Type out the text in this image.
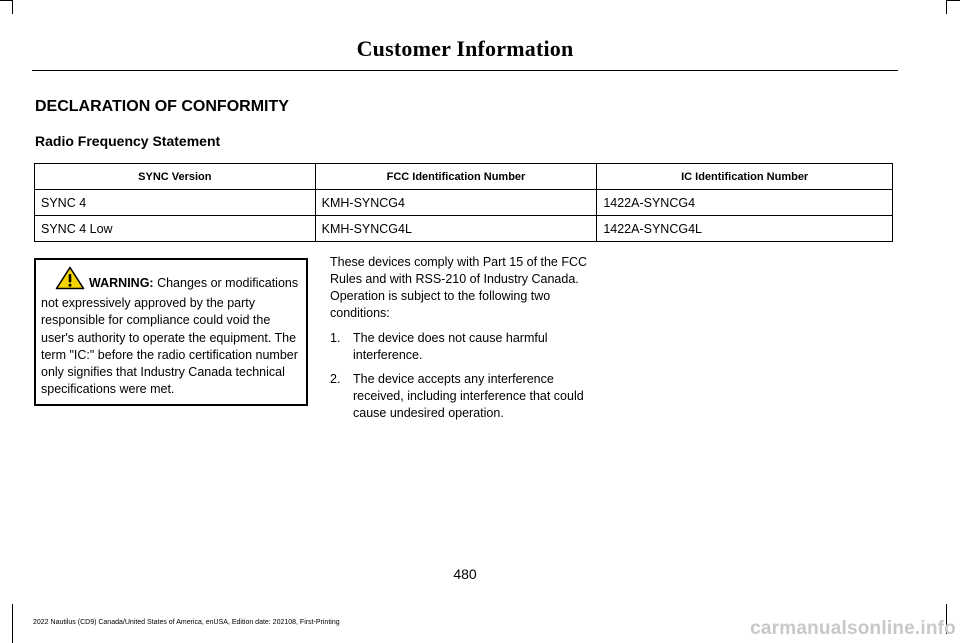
Customer Information
DECLARATION OF CONFORMITY
Radio Frequency Statement
SYNC Version	FCC Identification Number	IC Identification Number
SYNC 4	KMH-SYNCG4	1422A-SYNCG4
SYNC 4 Low	KMH-SYNCG4L	1422A-SYNCG4L
WARNING: Changes or modifications not expressively approved by the party responsible for compliance could void the user's authority to operate the equipment. The term "IC:" before the radio certification number only signifies that Industry Canada technical specifications were met.

These devices comply with Part 15 of the FCC Rules and with RSS-210 of Industry Canada. Operation is subject to the following two conditions:

1. The device does not cause harmful interference.
2. The device accepts any interference received, including interference that could cause undesired operation.
480
2022 Nautilus (CD9) Canada/United States of America, enUSA, Edition date: 202108, First-Printing	carmanualsonline.info
